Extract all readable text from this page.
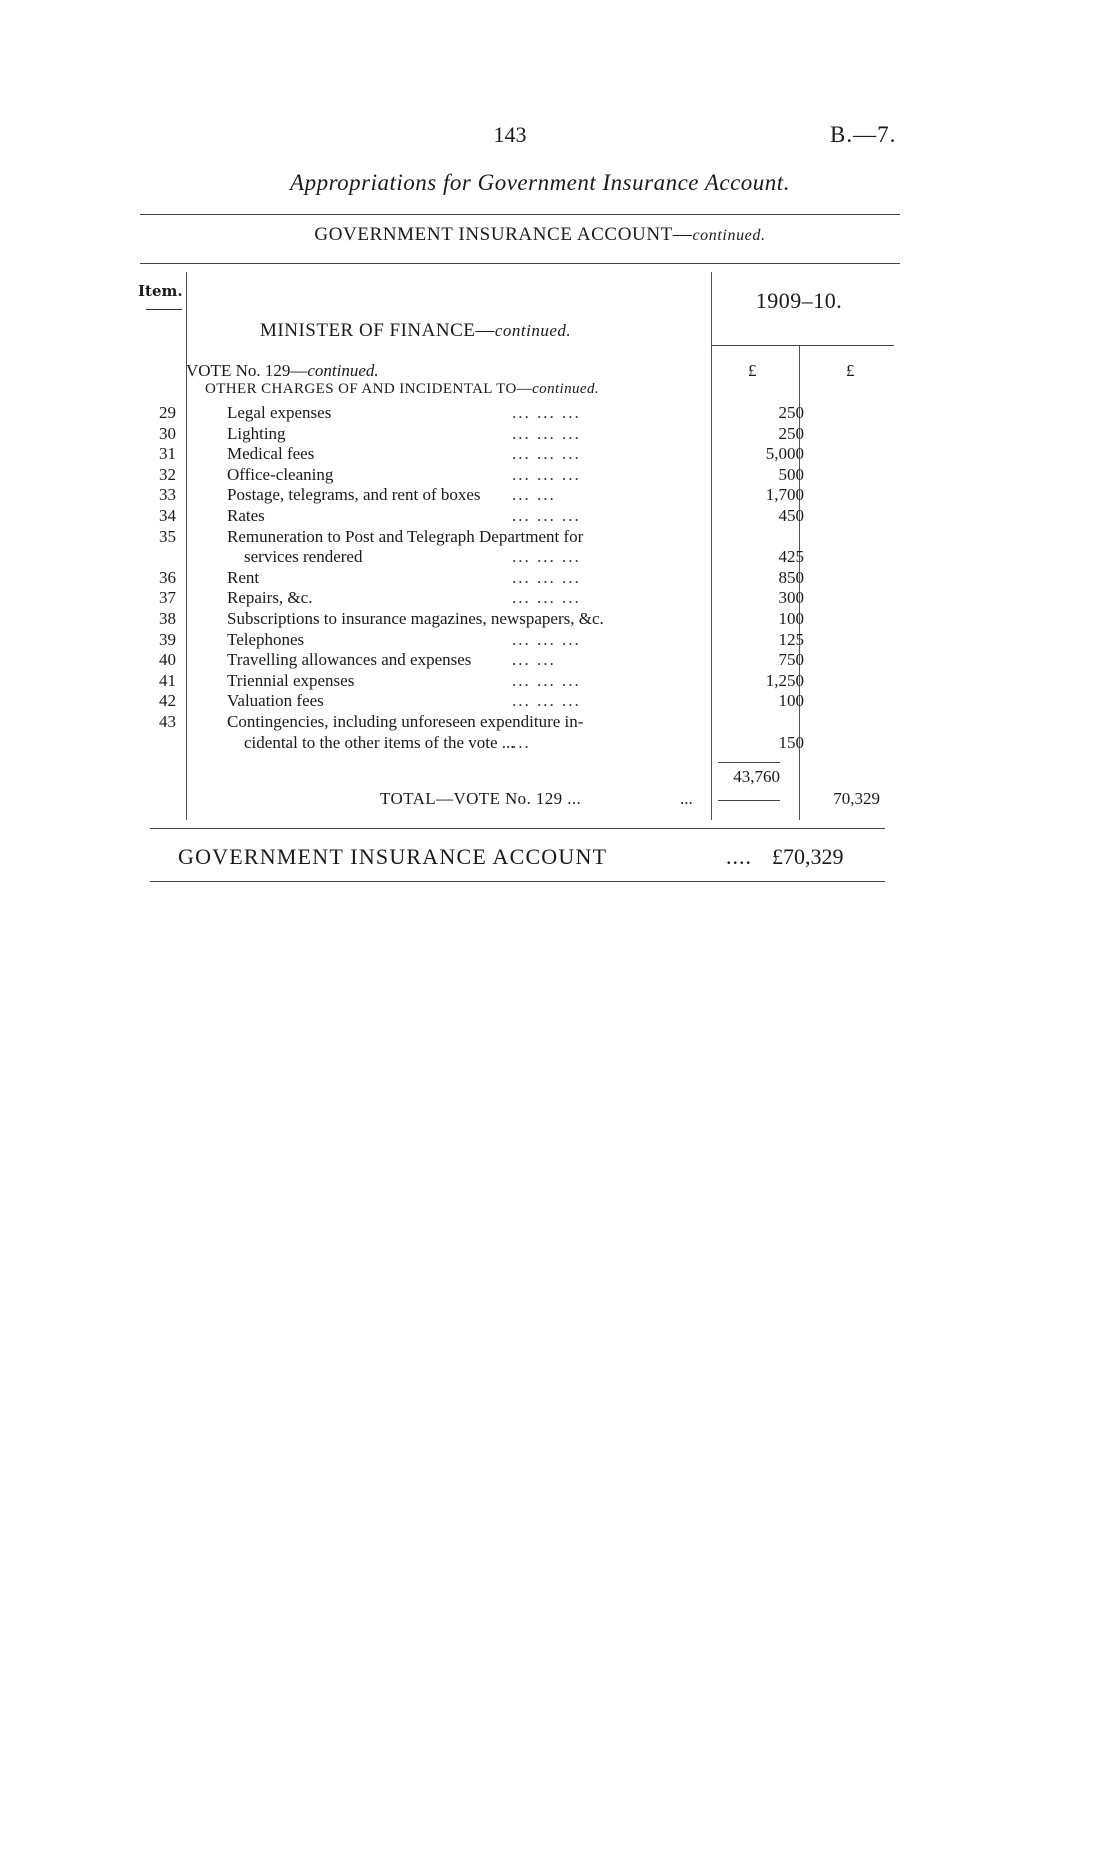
143	B.—7.
Appropriations for Government Insurance Account.
GOVERNMENT INSURANCE ACCOUNT—continued.
Item.	1909–10.
MINISTER OF FINANCE—continued.
VOTE No. 129—continued.	£	£
OTHER CHARGES OF AND INCIDENTAL TO—continued.
29	Legal expenses	... ... ...	250
30	Lighting	... ... ...	250
31	Medical fees	... ... ...	5,000
32	Office-cleaning	... ... ...	500
33	Postage, telegrams, and rent of boxes ... ...	1,700
34	Rates	... ... ...	450
35	Remuneration to Post and Telegraph Department for
services rendered	... ... ...	425
36	Rent	... ... ...	850
37	Repairs, &c.	... ... ...	300
38	Subscriptions to insurance magazines, newspapers, &c.	100
39	Telephones	... ... ...	125
40	Travelling allowances and expenses ... ...	750
41	Triennial expenses	... ... ...	1,250
42	Valuation fees	... ... ...	100
43	Contingencies, including unforeseen expenditure in-
cidental to the other items of the vote ...
...	150
43,760
TOTAL—VOTE No. 129 ...	...	70,329
GOVERNMENT INSURANCE ACCOUNT	.... £70,329
